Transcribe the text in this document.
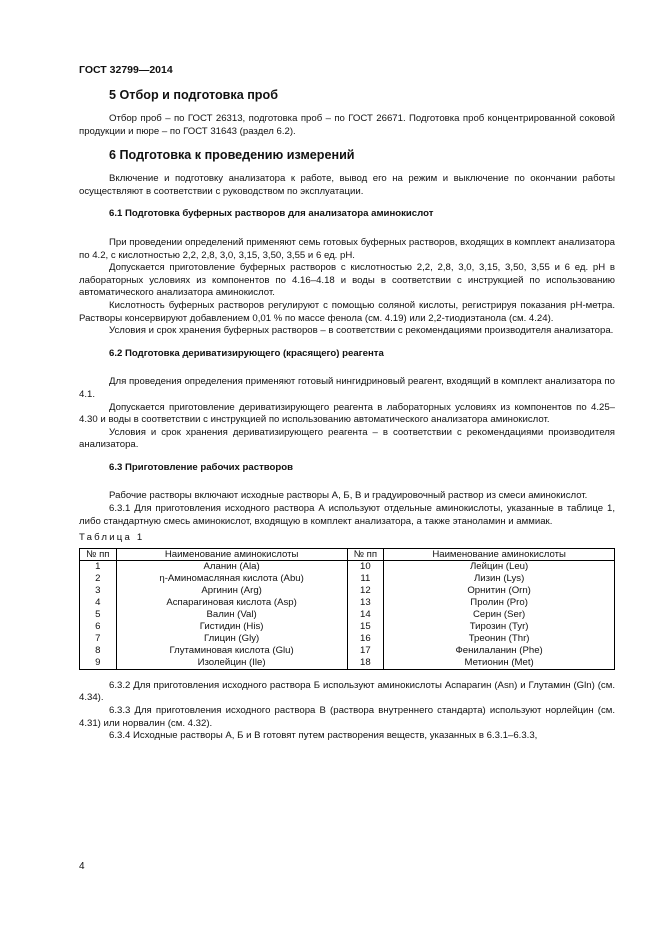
ГОСТ 32799—2014
5 Отбор и подготовка проб

Отбор проб – по ГОСТ 26313, подготовка проб – по ГОСТ 26671. Подготовка проб концентрированной соковой продукции и пюре – по ГОСТ 31643 (раздел 6.2).

6 Подготовка к проведению измерений

Включение и подготовку анализатора к работе, вывод его на режим и выключение по окончании работы осуществляют в соответствии с руководством по эксплуатации.

6.1 Подготовка буферных растворов для анализатора аминокислот

При проведении определений применяют семь готовых буферных растворов, входящих в комплект анализатора по 4.2, с кислотностью 2,2, 2,8, 3,0, 3,15, 3,50, 3,55 и 6 ед. pH.

Допускается приготовление буферных растворов с кислотностью 2,2, 2,8, 3,0, 3,15, 3,50, 3,55 и 6 ед. pH в лабораторных условиях из компонентов по 4.16–4.18 и воды в соответствии с инструкцией по использованию автоматического анализатора аминокислот.

Кислотность буферных растворов регулируют с помощью соляной кислоты, регистрируя показания pH-метра. Растворы консервируют добавлением 0,01 % по массе фенола (см. 4.19) или 2,2-тиодиэтанола (см. 4.24).

Условия и срок хранения буферных растворов – в соответствии с рекомендациями производителя анализатора.

6.2 Подготовка дериватизирующего (красящего) реагента

Для проведения определения применяют готовый нингидриновый реагент, входящий в комплект анализатора по 4.1.

Допускается приготовление дериватизирующего реагента в лабораторных условиях из компонентов по 4.25–4.30 и воды в соответствии с инструкцией по использованию автоматического анализатора аминокислот.

Условия и срок хранения дериватизирующего реагента – в соответствии с рекомендациями производителя анализатора.

6.3 Приготовление рабочих растворов

Рабочие растворы включают исходные растворы А, Б, В и градуировочный раствор из смеси аминокислот.

6.3.1 Для приготовления исходного раствора А используют отдельные аминокислоты, указанные в таблице 1, либо стандартную смесь аминокислот, входящую в комплект анализатора, а также этаноламин и аммиак.

Таблица 1
№ пп	Наименование аминокислоты	№ пп	Наименование аминокислоты
1	Аланин (Ala)	10	Лейцин (Leu)
2	η-Аминомасляная кислота (Abu)	11	Лизин (Lys)
3	Аргинин (Arg)	12	Орнитин (Orn)
4	Аспарагиновая кислота (Asp)	13	Пролин (Pro)
5	Валин (Val)	14	Серин (Ser)
6	Гистидин (His)	15	Тирозин (Tyr)
7	Глицин (Gly)	16	Треонин (Thr)
8	Глутаминовая кислота (Glu)	17	Фенилаланин (Phe)
9	Изолейцин (Ile)	18	Метионин (Met)

6.3.2 Для приготовления исходного раствора Б используют аминокислоты Аспарагин (Asn) и Глутамин (Gln) (см. 4.34).

6.3.3 Для приготовления исходного раствора В (раствора внутреннего стандарта) используют норлейцин (см. 4.31) или норвалин (см. 4.32).

6.3.4 Исходные растворы А, Б и В готовят путем растворения веществ, указанных в 6.3.1–6.3.3,

4
